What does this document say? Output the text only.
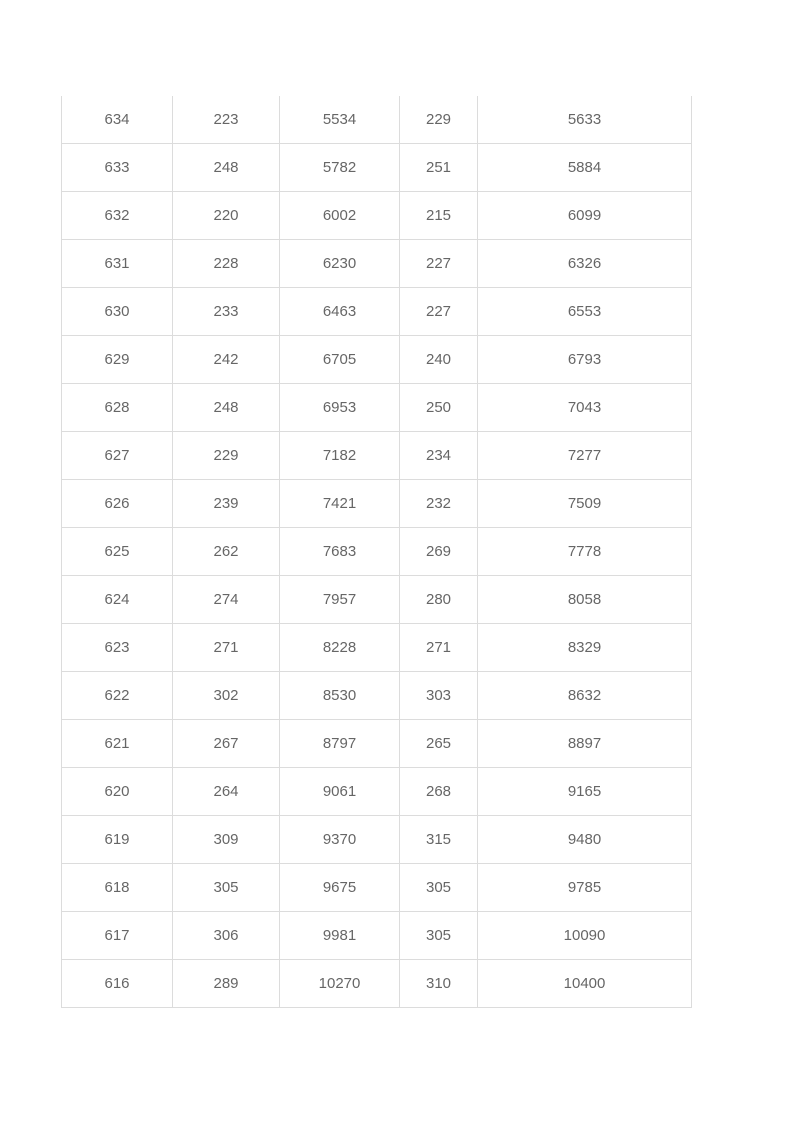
634	223	5534	229	5633
633	248	5782	251	5884
632	220	6002	215	6099
631	228	6230	227	6326
630	233	6463	227	6553
629	242	6705	240	6793
628	248	6953	250	7043
627	229	7182	234	7277
626	239	7421	232	7509
625	262	7683	269	7778
624	274	7957	280	8058
623	271	8228	271	8329
622	302	8530	303	8632
621	267	8797	265	8897
620	264	9061	268	9165
619	309	9370	315	9480
618	305	9675	305	9785
617	306	9981	305	10090
616	289	10270	310	10400
